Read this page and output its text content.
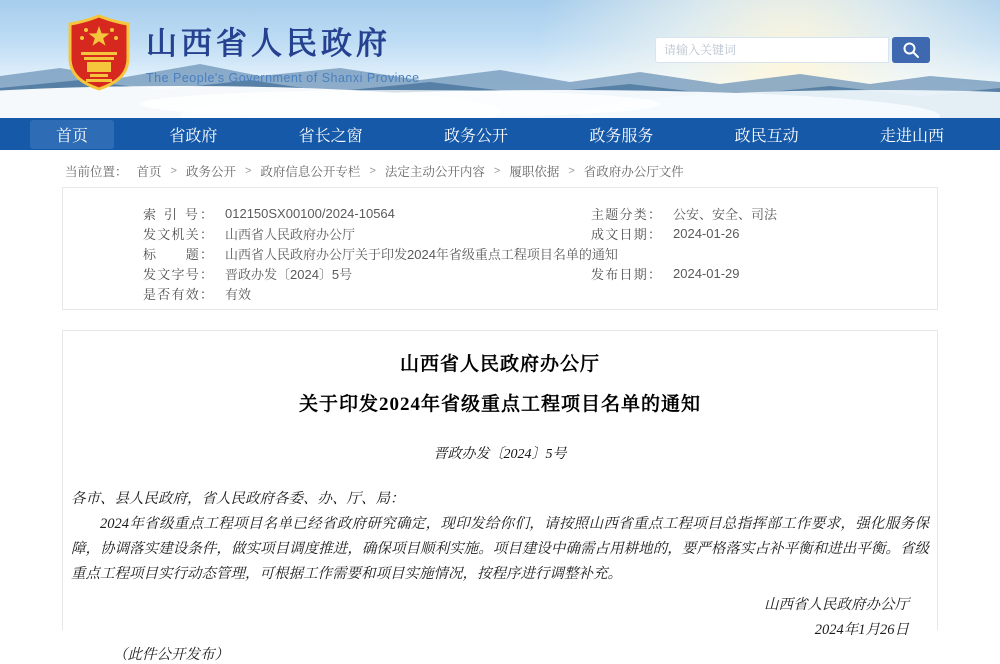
山西省人民政府
The People's Government of Shanxi Province
请输入关键词
首页	省政府	省长之窗	政务公开	政务服务	政民互动	走进山西
当前位置： 首页 > 政务公开 > 政府信息公开专栏 > 法定主动公开内容 > 履职依据 > 省政府办公厅文件
索 引 号： 012150SX00100/2024-10564
发文机关： 山西省人民政府办公厅
标　　题： 山西省人民政府办公厅关于印发2024年省级重点工程项目名单的通知
发文字号： 晋政办发〔2024〕5号
是否有效： 有效
主题分类： 公安、安全、司法
成文日期： 2024-01-26
发布日期： 2024-01-29
山西省人民政府办公厅
关于印发2024年省级重点工程项目名单的通知
晋政办发〔2024〕5号
各市、县人民政府，省人民政府各委、办、厅、局：
2024年省级重点工程项目名单已经省政府研究确定，现印发给你们，请按照山西省重点工程项目总指挥部工作要求，强化服务保障，协调落实建设条件，做实项目调度推进，确保项目顺利实施。项目建设中确需占用耕地的，要严格落实占补平衡和进出平衡。省级重点工程项目实行动态管理，可根据工作需要和项目实施情况，按程序进行调整补充。
山西省人民政府办公厅
2024年1月26日
（此件公开发布）
